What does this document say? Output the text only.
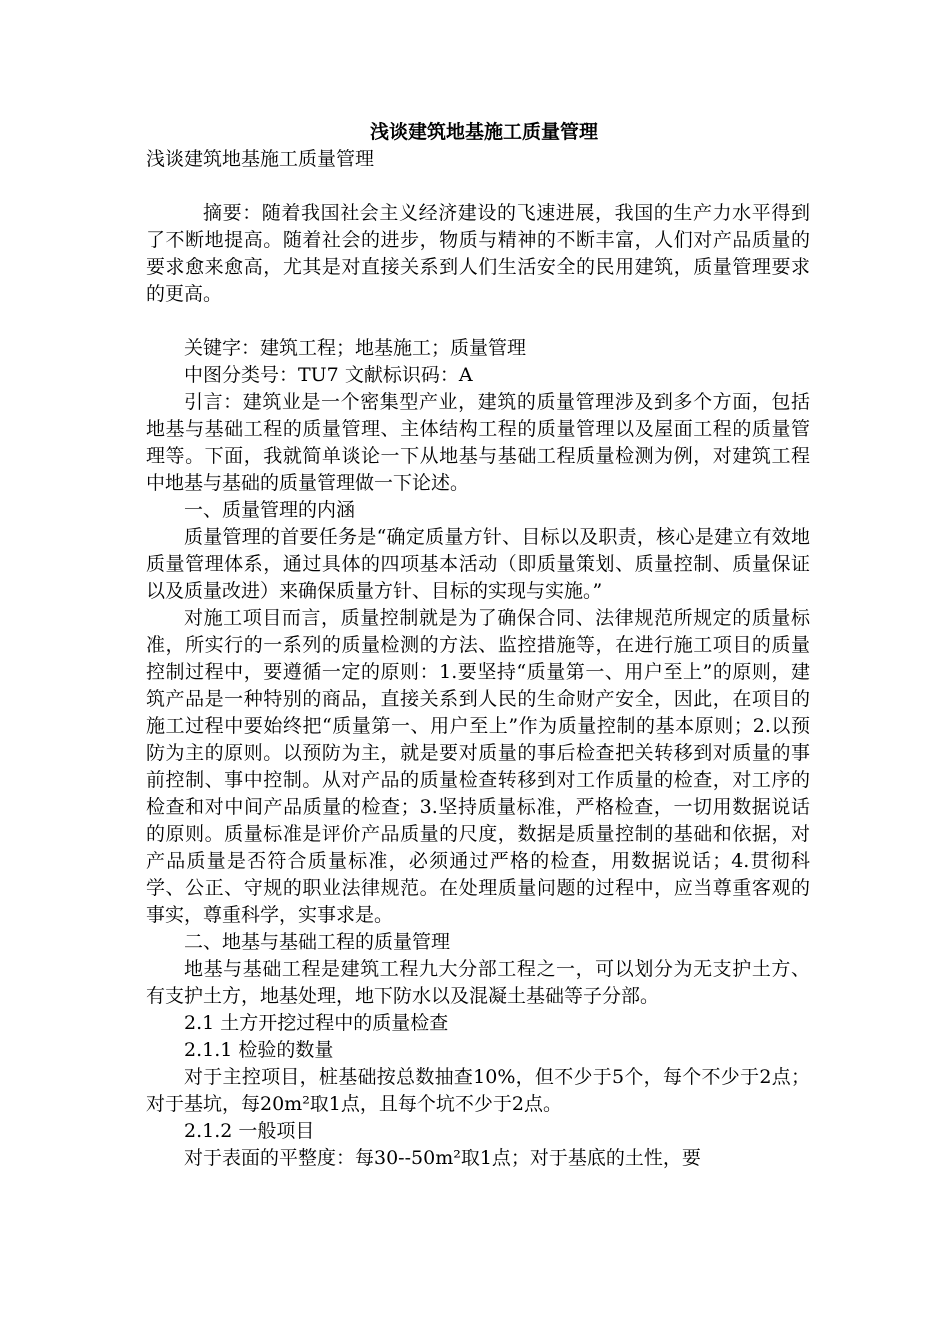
浅谈建筑地基施工质量管理
浅谈建筑地基施工质量管理

摘要：随着我国社会主义经济建设的飞速进展，我国的生产力水平得到了不断地提高。随着社会的进步，物质与精神的不断丰富，人们对产品质量的要求愈来愈高，尤其是对直接关系到人们生活安全的民用建筑，质量管理要求的更高。

关键字：建筑工程；地基施工；质量管理

中图分类号：TU7 文献标识码：A

引言：建筑业是一个密集型产业，建筑的质量管理涉及到多个方面，包括地基与基础工程的质量管理、主体结构工程的质量管理以及屋面工程的质量管理等。下面，我就简单谈论一下从地基与基础工程质量检测为例，对建筑工程中地基与基础的质量管理做一下论述。

一、质量管理的内涵

质量管理的首要任务是“确定质量方针、目标以及职责，核心是建立有效地质量管理体系，通过具体的四项基本活动（即质量策划、质量控制、质量保证以及质量改进）来确保质量方针、目标的实现与实施。”

对施工项目而言，质量控制就是为了确保合同、法律规范所规定的质量标准，所实行的一系列的质量检测的方法、监控措施等，在进行施工项目的质量控制过程中，要遵循一定的原则：1.要坚持“质量第一、用户至上”的原则，建筑产品是一种特别的商品，直接关系到人民的生命财产安全，因此，在项目的施工过程中要始终把“质量第一、用户至上”作为质量控制的基本原则；2.以预防为主的原则。以预防为主，就是要对质量的事后检查把关转移到对质量的事前控制、事中控制。从对产品的质量检查转移到对工作质量的检查，对工序的检查和对中间产品质量的检查；3.坚持质量标准，严格检查，一切用数据说话的原则。质量标准是评价产品质量的尺度，数据是质量控制的基础和依据，对产品质量是否符合质量标准，必须通过严格的检查，用数据说话；4.贯彻科学、公正、守规的职业法律规范。在处理质量问题的过程中，应当尊重客观的事实，尊重科学，实事求是。

二、地基与基础工程的质量管理

地基与基础工程是建筑工程九大分部工程之一，可以划分为无支护土方、有支护土方，地基处理，地下防水以及混凝土基础等子分部。

2.1 土方开挖过程中的质量检查

2.1.1 检验的数量

对于主控项目，桩基础按总数抽查10%，但不少于5个，每个不少于2点；对于基坑，每20m²取1点，且每个坑不少于2点。

2.1.2 一般项目

对于表面的平整度：每30--50m²取1点；对于基底的土性，要
